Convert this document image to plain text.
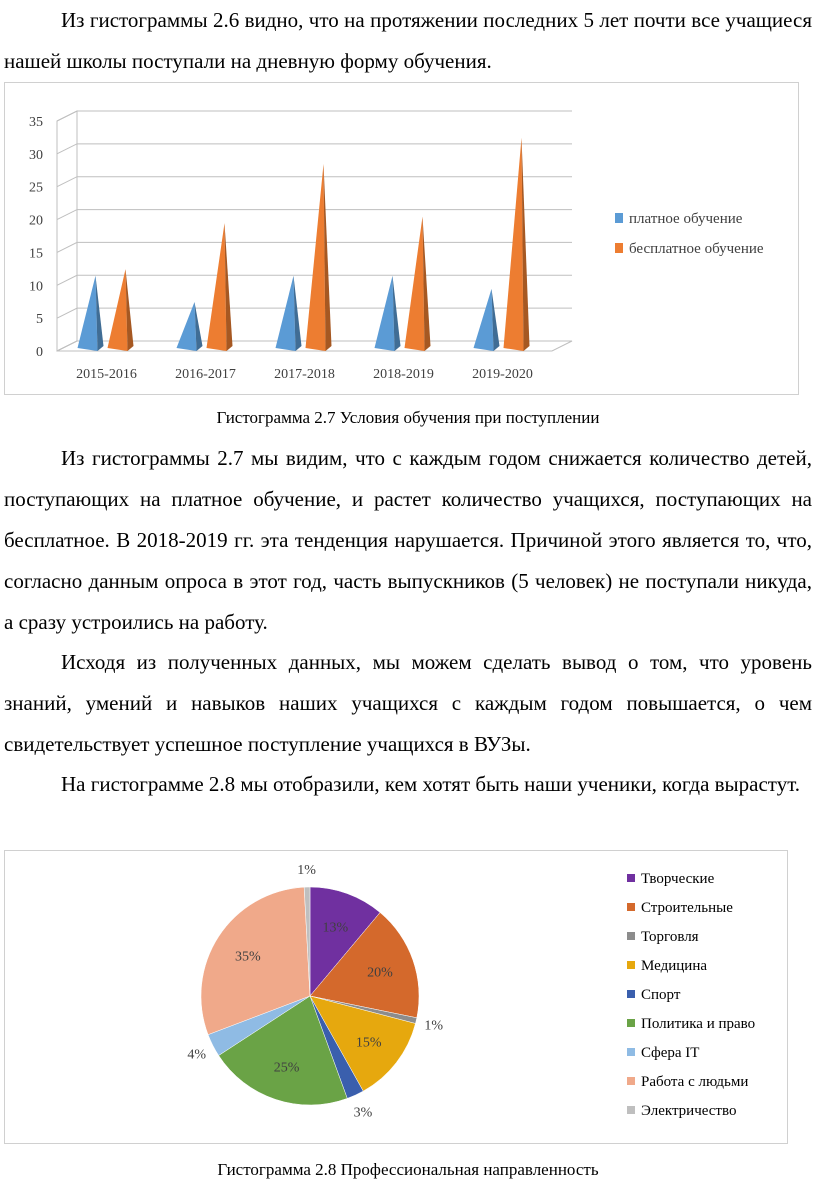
Из гистограммы 2.6 видно, что на протяжении последних 5 лет почти все учащиеся нашей школы поступали на дневную форму обучения.

0
5
10
15
20
25
30
35
2015-2016	2016-2017	2017-2018	2018-2019	2019-2020
платное обучение
бесплатное обучение
Гистограмма 2.7 Условия обучения при поступлении

Из гистограммы 2.7 мы видим, что с каждым годом снижается количество детей, поступающих на платное обучение, и растет количество учащихся, поступающих на бесплатное. В 2018-2019 гг. эта тенденция нарушается. Причиной этого является то, что, согласно данным опроса в этот год, часть выпускников (5 человек) не поступали никуда, а сразу устроились на работу.

Исходя из полученных данных, мы можем сделать вывод о том, что уровень знаний, умений и навыков наших учащихся с каждым годом повышается, о чем свидетельствует успешное поступление учащихся в ВУЗы.

На гистограмме 2.8 мы отобразили, кем хотят быть наши ученики, когда вырастут.

13%
20%
1%
15%
3%
25%
4%
35%
1%
Творческие
Строительные
Торговля
Медицина
Спорт
Политика и право
Сфера IT
Работа с людьми
Электричество
Гистограмма 2.8 Профессиональная направленность
